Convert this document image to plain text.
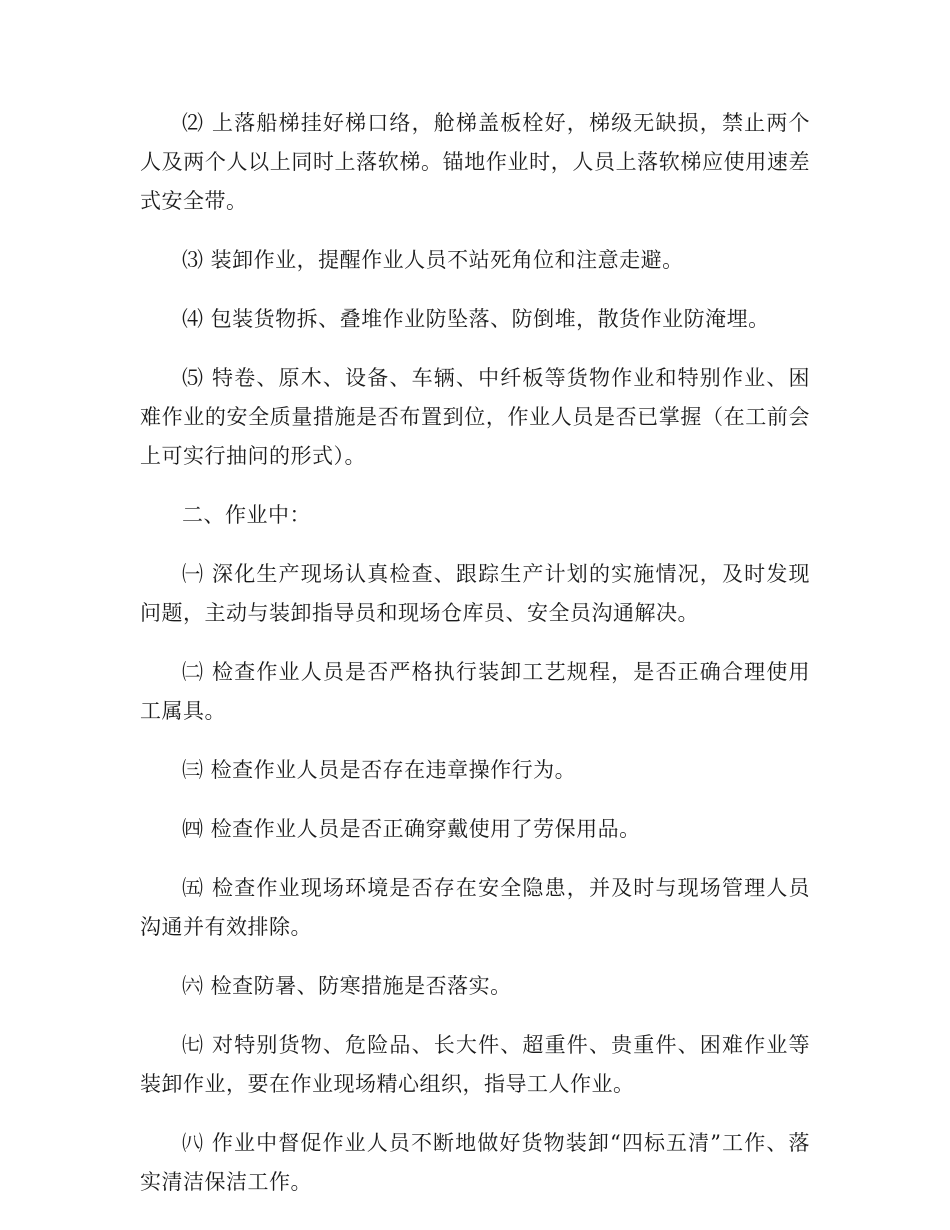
⑵ 上落船梯挂好梯口络，舱梯盖板栓好，梯级无缺损，禁止两个人及两个人以上同时上落软梯。锚地作业时，人员上落软梯应使用速差式安全带。

⑶ 装卸作业，提醒作业人员不站死角位和注意走避。

⑷ 包装货物拆、叠堆作业防坠落、防倒堆，散货作业防淹埋。

⑸ 特卷、原木、设备、车辆、中纤板等货物作业和特别作业、困难作业的安全质量措施是否布置到位，作业人员是否已掌握（在工前会上可实行抽问的形式）。

二、作业中：

㈠ 深化生产现场认真检查、跟踪生产计划的实施情况，及时发现问题，主动与装卸指导员和现场仓库员、安全员沟通解决。

㈡ 检查作业人员是否严格执行装卸工艺规程，是否正确合理使用工属具。

㈢ 检查作业人员是否存在违章操作行为。

㈣ 检查作业人员是否正确穿戴使用了劳保用品。

㈤ 检查作业现场环境是否存在安全隐患，并及时与现场管理人员沟通并有效排除。

㈥ 检查防暑、防寒措施是否落实。

㈦ 对特别货物、危险品、长大件、超重件、贵重件、困难作业等装卸作业，要在作业现场精心组织，指导工人作业。

㈧ 作业中督促作业人员不断地做好货物装卸“四标五清”工作、落实清洁保洁工作。
